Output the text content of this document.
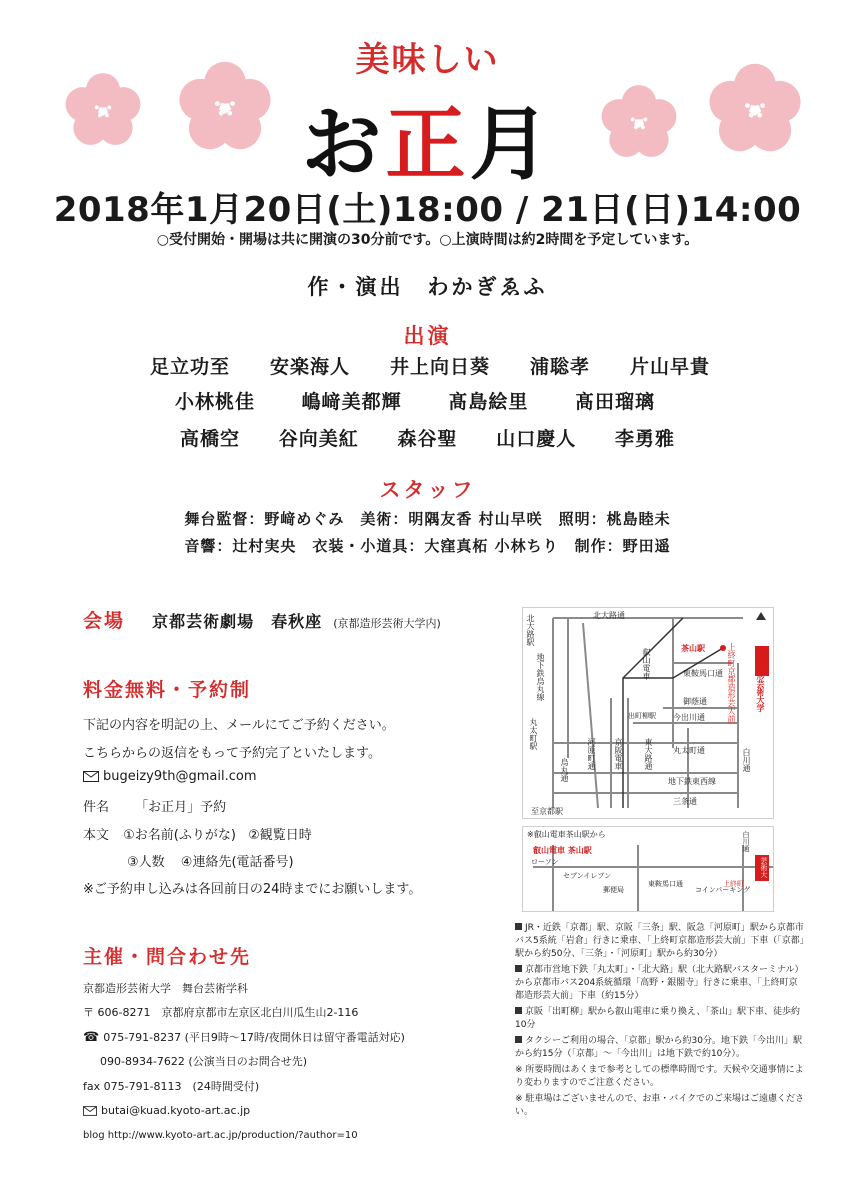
美味しい
お正月
2018年1月20日(土)18:00 / 21日(日)14:00
○受付開始・開場は共に開演の30分前です。○上演時間は約2時間を予定しています。
作・演出　わかぎゑふ
出演
足立功至 安楽海人 井上向日葵 浦聡孝 片山早貴
小林桃佳 嶋﨑美都輝 髙島絵里 髙田瑠璃
高橋空 谷向美紅 森谷聖 山口慶人 李勇雅
スタッフ
舞台監督：野﨑めぐみ　美術：明隅友香 村山早咲　照明：桃島睦未
音響：辻村実央　衣装・小道具：大窪真柘 小林ちり　制作：野田遥
会場 京都芸術劇場　春秋座 (京都造形芸術大学内)
料金無料・予約制
下記の内容を明記の上、メールにてご予約ください。
こちらからの返信をもって予約完了といたします。
bugeizy9th@gmail.com
件名 「お正月」予約
本文 ①お名前(ふりがな) ②観覧日時
③人数 ④連絡先(電話番号)
※ご予約申し込みは各回前日の24時までにお願いします。
主催・問合わせ先
京都造形芸術大学　舞台芸術学科
〒 606-8271　京都府京都市左京区北白川瓜生山2-116
☎ 075-791-8237 (平日9時〜17時/夜間休日は留守番電話対応)
090-8934-7622 (公演当日のお問合せ先)
fax 075-791-8113　(24時間受付)
butai@kuad.kyoto-art.ac.jp
blog http://www.kyoto-art.ac.jp/production/?author=10
北大路通
北大路駅
地下鉄烏丸線	叡山電車	茶山駅	上終町京都造形芸大前
東鞍馬口通
御蔭通
出町柳駅 今出川通
丸太町駅
烏丸通 河原町通 京阪電車	東大路通	丸太町通
地下鉄東西線
三条通
至京都駅
京都造形芸術大学
白川通
※叡山電車茶山駅から
叡山電車 茶山駅
ローソン
セブンイレブン
郵便局
東鞍馬口通
コインパーキング
上終町
白川通
芸術大
JR・近鉄「京都」駅、京阪「三条」駅、阪急「河原町」駅から京都市バス5系統「岩倉」行きに乗車、「上終町京都造形芸大前」下車（「京都」駅から約50分、「三条」・「河原町」駅から約30分）
京都市営地下鉄「丸太町」・「北大路」駅（北大路駅バスターミナル）から京都市バス204系統循環「高野・銀閣寺」行きに乗車、「上終町京都造形芸大前」下車（約15分）
京阪「出町柳」駅から叡山電車に乗り換え、「茶山」駅下車、徒歩約10分
タクシーご利用の場合、「京都」駅から約30分。地下鉄「今出川」駅から約15分（「京都」〜「今出川」は地下鉄で約10分）。
※ 所要時間はあくまで参考としての標準時間です。天候や交通事情により変わりますのでご注意ください。
※ 駐車場はございませんので、お車・バイクでのご来場はご遠慮ください。
